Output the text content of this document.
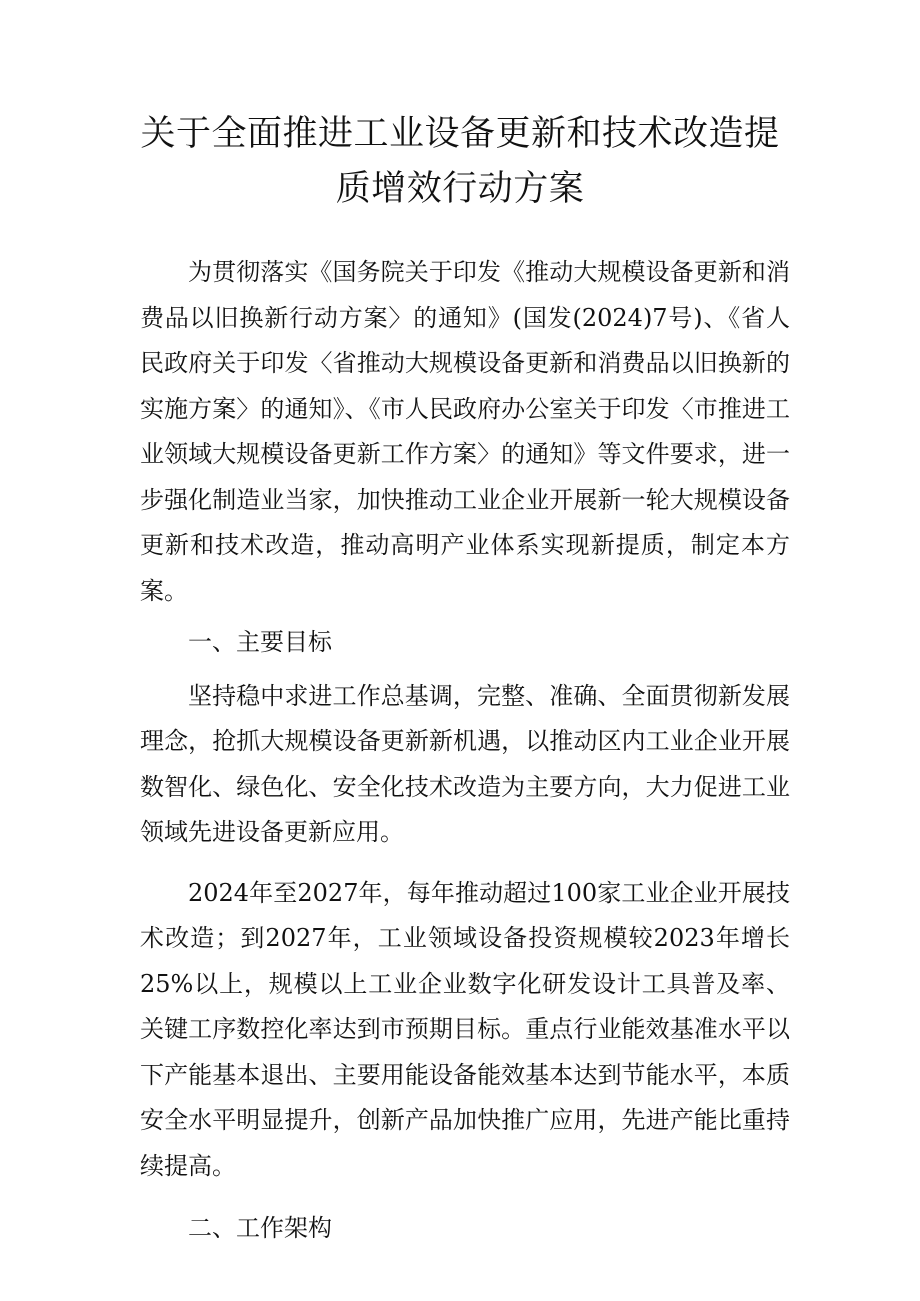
关于全面推进工业设备更新和技术改造提
质增效行动方案

为贯彻落实《国务院关于印发《推动大规模设备更新和消费品以旧换新行动方案〉的通知》(国发(2024)7号)、《省人民政府关于印发〈省推动大规模设备更新和消费品以旧换新的实施方案〉的通知》、《市人民政府办公室关于印发〈市推进工业领域大规模设备更新工作方案〉的通知》等文件要求，进一步强化制造业当家，加快推动工业企业开展新一轮大规模设备更新和技术改造，推动高明产业体系实现新提质，制定本方案。

一、主要目标

坚持稳中求进工作总基调，完整、准确、全面贯彻新发展理念，抢抓大规模设备更新新机遇，以推动区内工业企业开展数智化、绿色化、安全化技术改造为主要方向，大力促进工业领域先进设备更新应用。

2024年至2027年，每年推动超过100家工业企业开展技术改造；到2027年，工业领域设备投资规模较2023年增长25%以上，规模以上工业企业数字化研发设计工具普及率、关键工序数控化率达到市预期目标。重点行业能效基准水平以下产能基本退出、主要用能设备能效基本达到节能水平，本质安全水平明显提升，创新产品加快推广应用，先进产能比重持续提高。

二、工作架构
